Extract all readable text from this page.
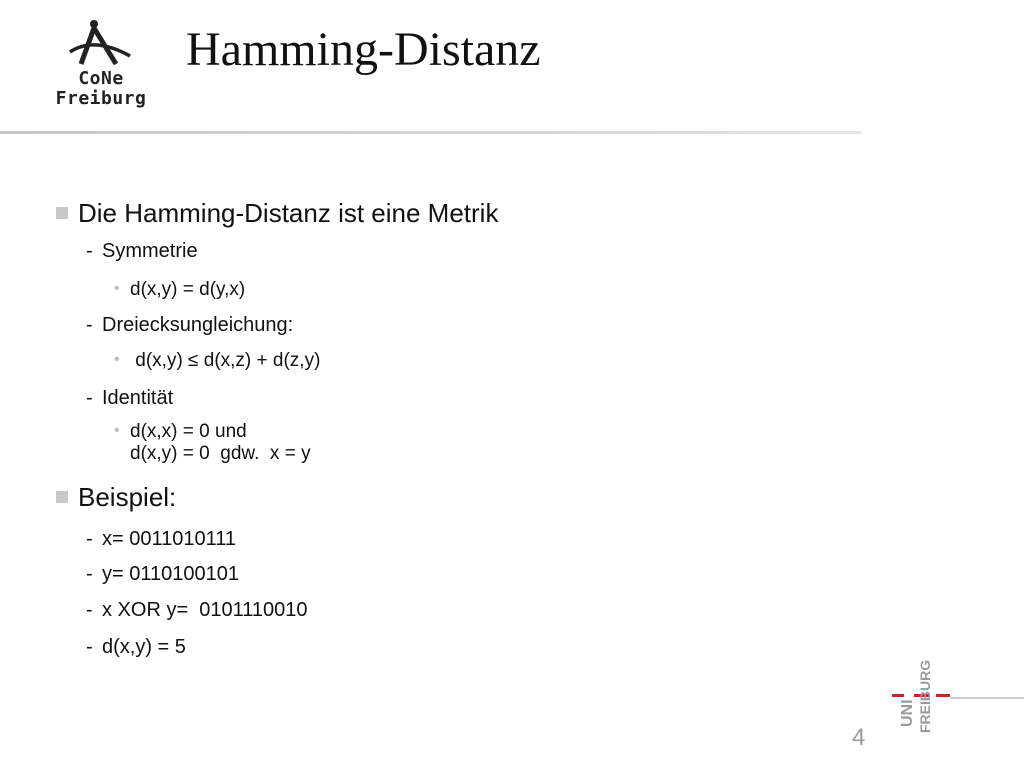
CoNe
Freiburg
Hamming-Distanz
Die Hamming-Distanz ist eine Metrik
- Symmetrie
• d(x,y) = d(y,x)
- Dreiecksungleichung:
• d(x,y) ≤ d(x,z) + d(z,y)
- Identität
• d(x,x) = 0 und
d(x,y) = 0  gdw.  x = y
Beispiel:
- x= 0011010111
- y= 0110100101
- x XOR y=  0101110010
- d(x,y) = 5
4
UNI FREIBURG
